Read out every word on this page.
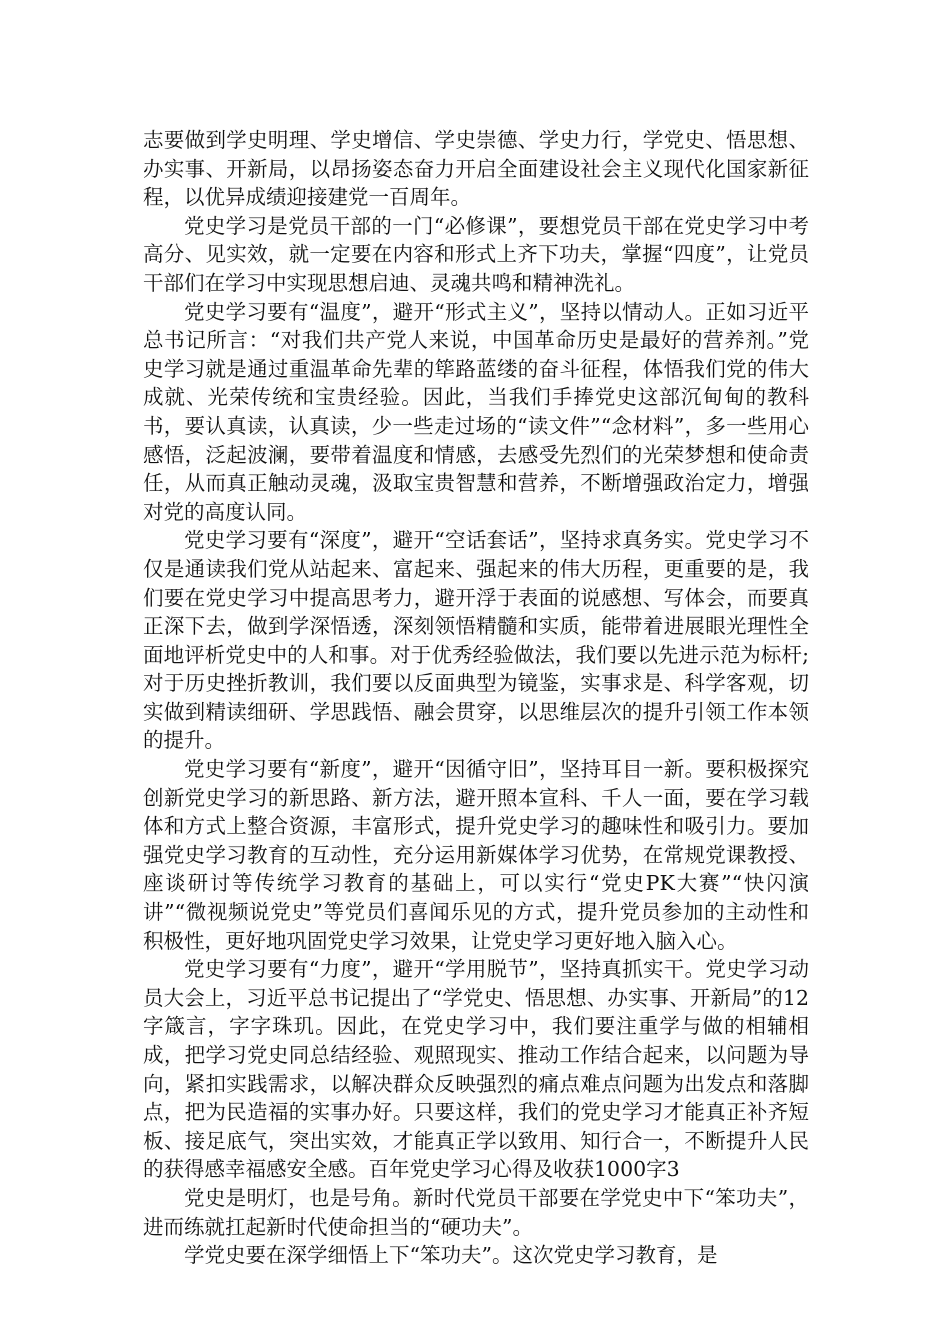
志要做到学史明理、学史增信、学史崇德、学史力行，学党史、悟思想、办实事、开新局，以昂扬姿态奋力开启全面建设社会主义现代化国家新征程，以优异成绩迎接建党一百周年。

党史学习是党员干部的一门“必修课”，要想党员干部在党史学习中考高分、见实效，就一定要在内容和形式上齐下功夫，掌握“四度”，让党员干部们在学习中实现思想启迪、灵魂共鸣和精神洗礼。

党史学习要有“温度”，避开“形式主义”，坚持以情动人。正如习近平总书记所言：“对我们共产党人来说，中国革命历史是最好的营养剂。”党史学习就是通过重温革命先辈的筚路蓝缕的奋斗征程，体悟我们党的伟大成就、光荣传统和宝贵经验。因此，当我们手捧党史这部沉甸甸的教科书，要认真读，认真读，少一些走过场的“读文件”“念材料”，多一些用心感悟，泛起波澜，要带着温度和情感，去感受先烈们的光荣梦想和使命责任，从而真正触动灵魂，汲取宝贵智慧和营养，不断增强政治定力，增强对党的高度认同。

党史学习要有“深度”，避开“空话套话”，坚持求真务实。党史学习不仅是通读我们党从站起来、富起来、强起来的伟大历程，更重要的是，我们要在党史学习中提高思考力，避开浮于表面的说感想、写体会，而要真正深下去，做到学深悟透，深刻领悟精髓和实质，能带着进展眼光理性全面地评析党史中的人和事。对于优秀经验做法，我们要以先进示范为标杆;对于历史挫折教训，我们要以反面典型为镜鉴，实事求是、科学客观，切实做到精读细研、学思践悟、融会贯穿，以思维层次的提升引领工作本领的提升。

党史学习要有“新度”，避开“因循守旧”，坚持耳目一新。要积极探究创新党史学习的新思路、新方法，避开照本宣科、千人一面，要在学习载体和方式上整合资源，丰富形式，提升党史学习的趣味性和吸引力。要加强党史学习教育的互动性，充分运用新媒体学习优势，在常规党课教授、座谈研讨等传统学习教育的基础上，可以实行“党史PK大赛”“快闪演讲”“微视频说党史”等党员们喜闻乐见的方式，提升党员参加的主动性和积极性，更好地巩固党史学习效果，让党史学习更好地入脑入心。

党史学习要有“力度”，避开“学用脱节”，坚持真抓实干。党史学习动员大会上，习近平总书记提出了“学党史、悟思想、办实事、开新局”的12字箴言，字字珠玑。因此，在党史学习中，我们要注重学与做的相辅相成，把学习党史同总结经验、观照现实、推动工作结合起来，以问题为导向，紧扣实践需求，以解决群众反映强烈的痛点难点问题为出发点和落脚点，把为民造福的实事办好。只要这样，我们的党史学习才能真正补齐短板、接足底气，突出实效，才能真正学以致用、知行合一，不断提升人民的获得感幸福感安全感。百年党史学习心得及收获1000字3

党史是明灯，也是号角。新时代党员干部要在学党史中下“笨功夫”，进而练就扛起新时代使命担当的“硬功夫”。

学党史要在深学细悟上下“笨功夫”。这次党史学习教育，是
